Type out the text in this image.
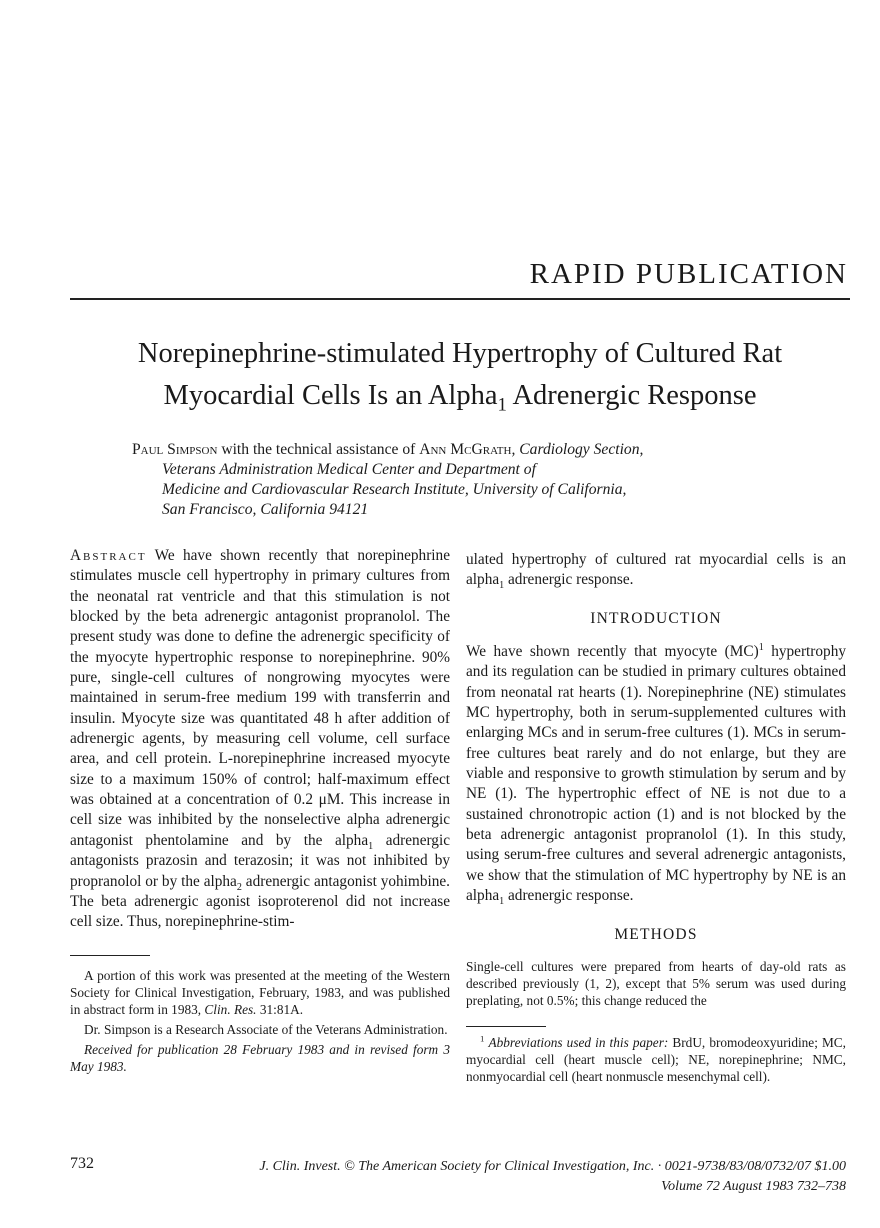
RAPID PUBLICATION
Norepinephrine-stimulated Hypertrophy of Cultured Rat
Myocardial Cells Is an Alpha$_1$ Adrenergic Response
Paul Simpson with the technical assistance of Ann McGrath, Cardiology Section,
Veterans Administration Medical Center and Department of
Medicine and Cardiovascular Research Institute, University of California,
San Francisco, California 94121

Abstract We have shown recently that norepinephrine stimulates muscle cell hypertrophy in primary cultures from the neonatal rat ventricle and that this stimulation is not blocked by the beta adrenergic antagonist propranolol. The present study was done to define the adrenergic specificity of the myocyte hypertrophic response to norepinephrine. 90% pure, single-cell cultures of nongrowing myocytes were maintained in serum-free medium 199 with transferrin and insulin. Myocyte size was quantitated 48 h after addition of adrenergic agents, by measuring cell volume, cell surface area, and cell protein. L-norepinephrine increased myocyte size to a maximum 150% of control; half-maximum effect was obtained at a concentration of 0.2 μM. This increase in cell size was inhibited by the nonselective alpha adrenergic antagonist phentolamine and by the alpha$_1$ adrenergic antagonists prazosin and terazosin; it was not inhibited by propranolol or by the alpha$_2$ adrenergic antagonist yohimbine. The beta adrenergic agonist isoproterenol did not increase cell size. Thus, norepinephrine-stim-

ulated hypertrophy of cultured rat myocardial cells is an alpha$_1$ adrenergic response.

INTRODUCTION

We have shown recently that myocyte (MC)$^1$ hypertrophy and its regulation can be studied in primary cultures obtained from neonatal rat hearts (1). Norepinephrine (NE) stimulates MC hypertrophy, both in serum-supplemented cultures with enlarging MCs and in serum-free cultures (1). MCs in serum-free cultures beat rarely and do not enlarge, but they are viable and responsive to growth stimulation by serum and by NE (1). The hypertrophic effect of NE is not due to a sustained chronotropic action (1) and is not blocked by the beta adrenergic antagonist propranolol (1). In this study, using serum-free cultures and several adrenergic antagonists, we show that the stimulation of MC hypertrophy by NE is an alpha$_1$ adrenergic response.

METHODS

Single-cell cultures were prepared from hearts of day-old rats as described previously (1, 2), except that 5% serum was used during preplating, not 0.5%; this change reduced the

A portion of this work was presented at the meeting of the Western Society for Clinical Investigation, February, 1983, and was published in abstract form in 1983, Clin. Res. 31:81A.

Dr. Simpson is a Research Associate of the Veterans Administration.

Received for publication 28 February 1983 and in revised form 3 May 1983.

$^1$ Abbreviations used in this paper: BrdU, bromodeoxyuridine; MC, myocardial cell (heart muscle cell); NE, norepinephrine; NMC, nonmyocardial cell (heart nonmuscle mesenchymal cell).

732	J. Clin. Invest. © The American Society for Clinical Investigation, Inc. · 0021-9738/83/08/0732/07 $1.00
Volume 72 August 1983 732–738
